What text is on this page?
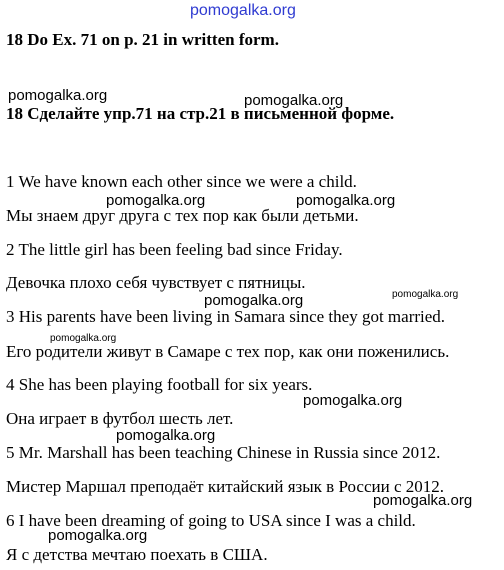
pomogalka.org
pomogalka.org	pomogalka.org
pomogalka.org	pomogalka.org
pomogalka.org
pomogalka.org
pomogalka.org
pomogalka.org
pomogalka.org
pomogalka.org
pomogalka.org
18 Do Ex. 71 on p. 21 in written form.
18 Сделайте упр.71 на стр.21 в письменной форме.
1 We have known each other since we were a child.
Мы знаем друг друга с тех пор как были детьми.
2 The little girl has been feeling bad since Friday.
Девочка плохо себя чувствует с пятницы.
3 His parents have been living in Samara since they got married.
Его родители живут в Самаре с тех пор, как они поженились.
4 She has been playing football for six years.
Она играет в футбол шесть лет.
5 Mr. Marshall has been teaching Chinese in Russia since 2012.
Мистер Маршал преподаёт китайский язык в России с 2012.
6 I have been dreaming of going to USA since I was a child.
Я с детства мечтаю поехать в США.
